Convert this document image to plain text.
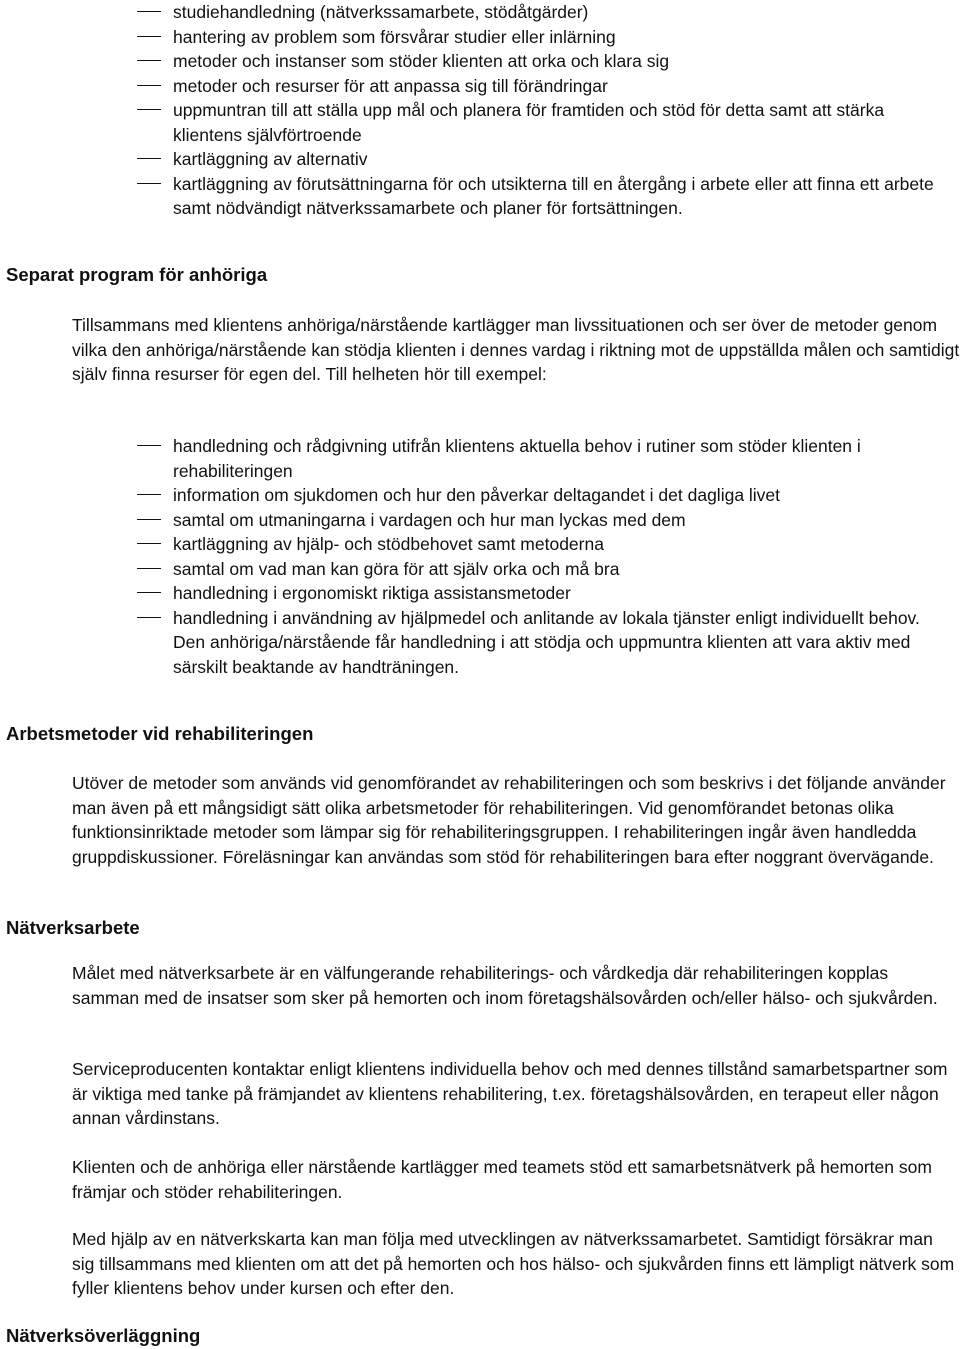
studiehandledning (nätverkssamarbete, stödåtgärder)
hantering av problem som försvårar studier eller inlärning
metoder och instanser som stöder klienten att orka och klara sig
metoder och resurser för att anpassa sig till förändringar
uppmuntran till att ställa upp mål och planera för framtiden och stöd för detta samt att stärka klientens självförtroende
kartläggning av alternativ
kartläggning av förutsättningarna för och utsikterna till en återgång i arbete eller att finna ett arbete samt nödvändigt nätverkssamarbete och planer för fortsättningen.
Separat program för anhöriga

Tillsammans med klientens anhöriga/närstående kartlägger man livssituationen och ser över de metoder genom vilka den anhöriga/närstående kan stödja klienten i dennes vardag i riktning mot de uppställda målen och samtidigt själv finna resurser för egen del. Till helheten hör till exempel:

handledning och rådgivning utifrån klientens aktuella behov i rutiner som stöder klienten i rehabiliteringen
information om sjukdomen och hur den påverkar deltagandet i det dagliga livet
samtal om utmaningarna i vardagen och hur man lyckas med dem
kartläggning av hjälp- och stödbehovet samt metoderna
samtal om vad man kan göra för att själv orka och må bra
handledning i ergonomiskt riktiga assistansmetoder
handledning i användning av hjälpmedel och anlitande av lokala tjänster enligt individuellt behov. Den anhöriga/närstående får handledning i att stödja och uppmuntra klienten att vara aktiv med särskilt beaktande av handträningen.
Arbetsmetoder vid rehabiliteringen

Utöver de metoder som används vid genomförandet av rehabiliteringen och som beskrivs i det följande använder man även på ett mångsidigt sätt olika arbetsmetoder för rehabiliteringen. Vid genomförandet betonas olika funktionsinriktade metoder som lämpar sig för rehabiliteringsgruppen. I rehabiliteringen ingår även handledda gruppdiskussioner. Föreläsningar kan användas som stöd för rehabiliteringen bara efter noggrant övervägande.

Nätverksarbete

Målet med nätverksarbete är en välfungerande rehabiliterings- och vårdkedja där rehabiliteringen kopplas samman med de insatser som sker på hemorten och inom företagshälsovården och/eller hälso- och sjukvården.

Serviceproducenten kontaktar enligt klientens individuella behov och med dennes tillstånd samarbetspartner som är viktiga med tanke på främjandet av klientens rehabilitering, t.ex. företagshälsovården, en terapeut eller någon annan vårdinstans.

Klienten och de anhöriga eller närstående kartlägger med teamets stöd ett samarbetsnätverk på hemorten som främjar och stöder rehabiliteringen.

Med hjälp av en nätverkskarta kan man följa med utvecklingen av nätverkssamarbetet. Samtidigt försäkrar man sig tillsammans med klienten om att det på hemorten och hos hälso- och sjukvården finns ett lämpligt nätverk som fyller klientens behov under kursen och efter den.

Nätverksöverläggning
